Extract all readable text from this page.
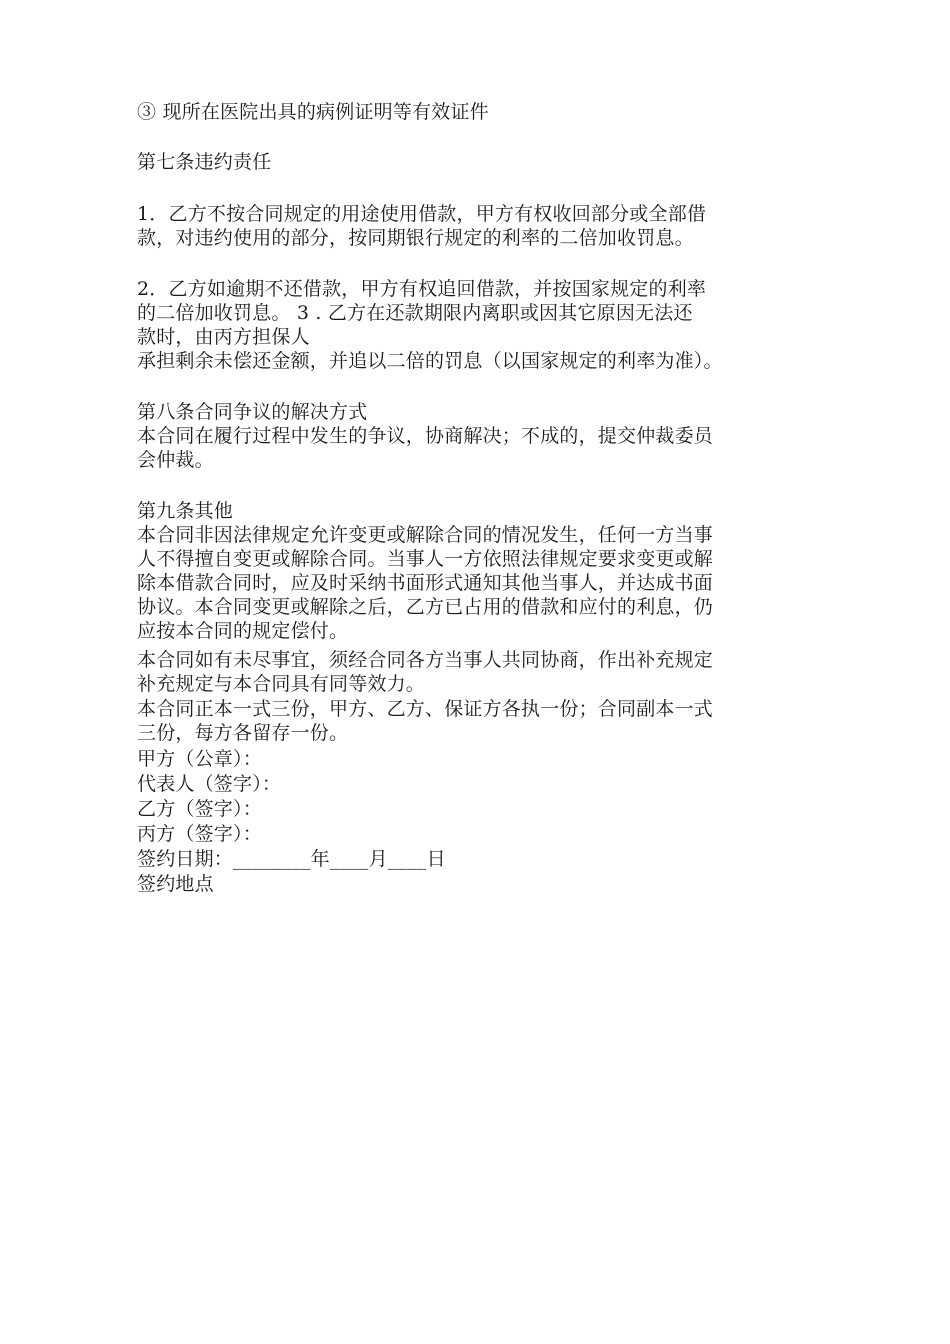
③ 现所在医院出具的病例证明等有效证件

第七条违约责任

1．乙方不按合同规定的用途使用借款，甲方有权收回部分或全部借

款，对违约使用的部分，按同期银行规定的利率的二倍加收罚息。

2．乙方如逾期不还借款，甲方有权追回借款，并按国家规定的利率

的二倍加收罚息。 3 . 乙方在还款期限内离职或因其它原因无法还

款时，由丙方担保人

承担剩余未偿还金额，并追以二倍的罚息（以国家规定的利率为准）。

第八条合同争议的解决方式

本合同在履行过程中发生的争议，协商解决；不成的，提交仲裁委员

会仲裁。

第九条其他

本合同非因法律规定允许变更或解除合同的情况发生，任何一方当事

人不得擅自变更或解除合同。当事人一方依照法律规定要求变更或解

除本借款合同时，应及时采纳书面形式通知其他当事人，并达成书面

协议。本合同变更或解除之后，乙方已占用的借款和应付的利息，仍

应按本合同的规定偿付。

本合同如有未尽事宜，须经合同各方当事人共同协商，作出补充规定

补充规定与本合同具有同等效力。

本合同正本一式三份，甲方、乙方、保证方各执一份；合同副本一式

三份，每方各留存一份。

甲方（公章）：

代表人（签字）：

乙方（签字）：

丙方（签字）：

签约日期：________年____月____日

签约地点
